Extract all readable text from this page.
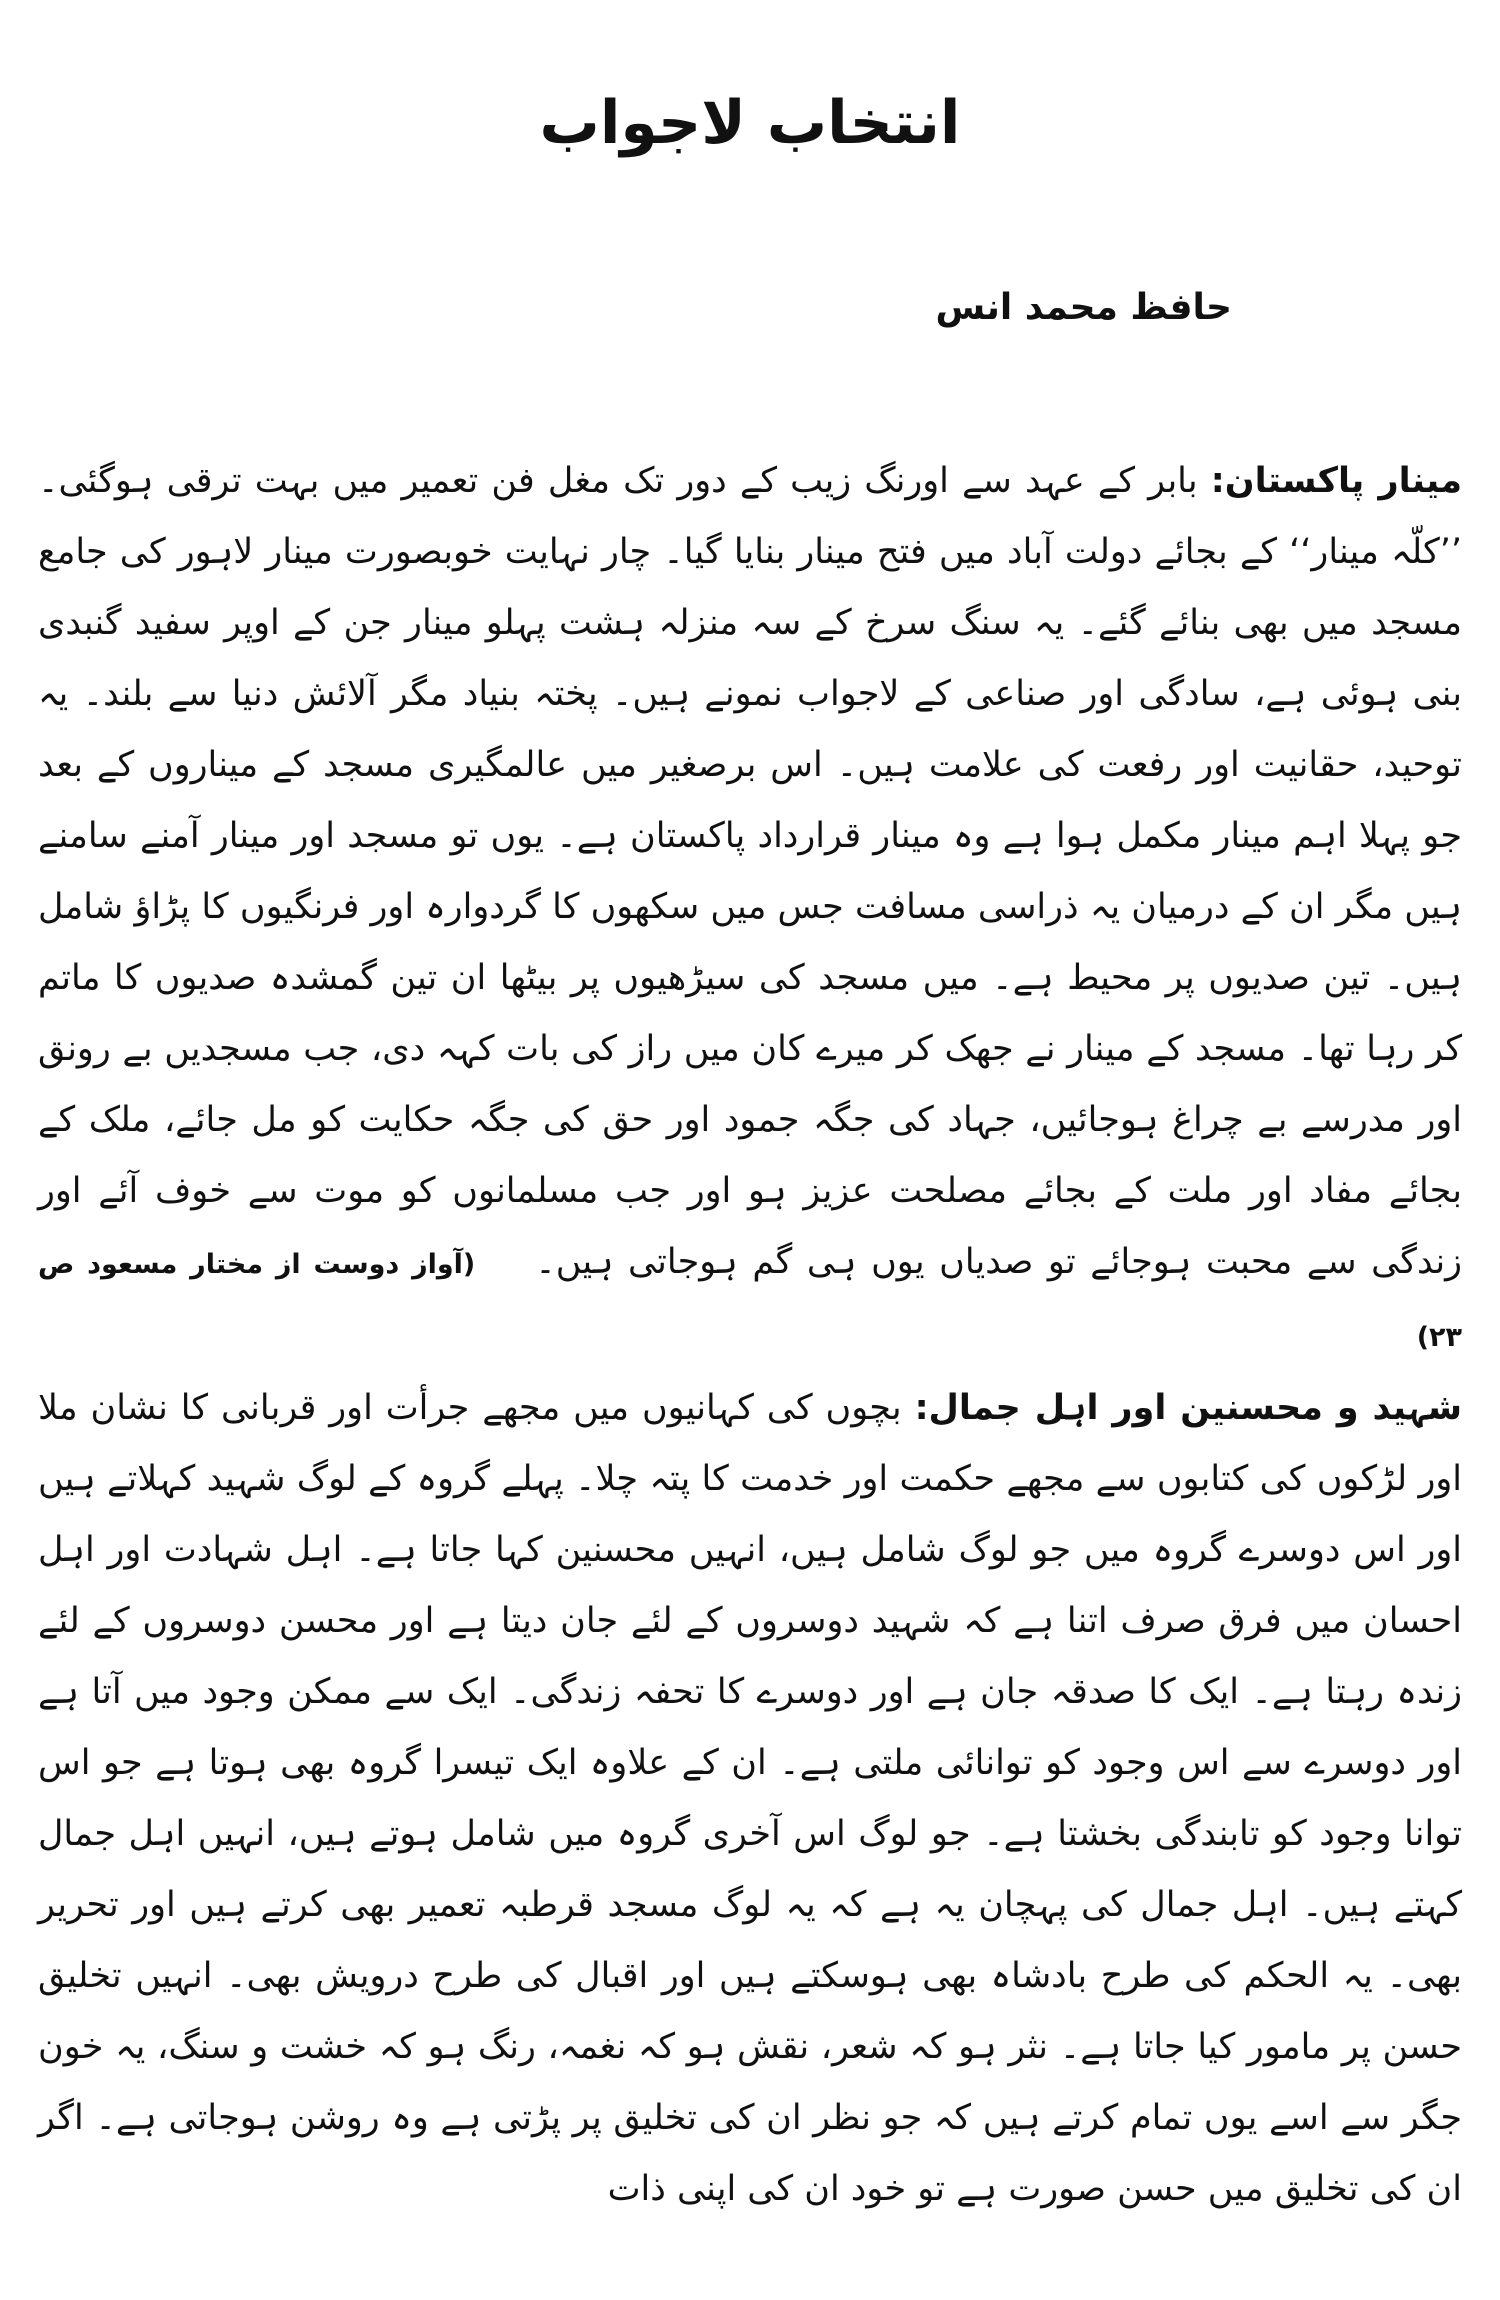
انتخاب لاجواب
حافظ محمد انس

مینار پاکستان: بابر کے عہد سے اورنگ زیب کے دور تک مغل فن تعمیر میں بہت ترقی ہوگئی۔ ’’کلّہ مینار‘‘ کے بجائے دولت آباد میں فتح مینار بنایا گیا۔ چار نہایت خوبصورت مینار لاہور کی جامع مسجد میں بھی بنائے گئے۔ یہ سنگ سرخ کے سہ منزلہ ہشت پہلو مینار جن کے اوپر سفید گنبدی بنی ہوئی ہے، سادگی اور صناعی کے لاجواب نمونے ہیں۔ پختہ بنیاد مگر آلائش دنیا سے بلند۔ یہ توحید، حقانیت اور رفعت کی علامت ہیں۔ اس برصغیر میں عالمگیری مسجد کے میناروں کے بعد جو پہلا اہم مینار مکمل ہوا ہے وہ مینار قرارداد پاکستان ہے۔ یوں تو مسجد اور مینار آمنے سامنے ہیں مگر ان کے درمیان یہ ذراسی مسافت جس میں سکھوں کا گردوارہ اور فرنگیوں کا پڑاؤ شامل ہیں۔ تین صدیوں پر محیط ہے۔ میں مسجد کی سیڑھیوں پر بیٹھا ان تین گمشدہ صدیوں کا ماتم کر رہا تھا۔ مسجد کے مینار نے جھک کر میرے کان میں راز کی بات کہہ دی، جب مسجدیں بے رونق اور مدرسے بے چراغ ہوجائیں، جہاد کی جگہ جمود اور حق کی جگہ حکایت کو مل جائے، ملک کے بجائے مفاد اور ملت کے بجائے مصلحت عزیز ہو اور جب مسلمانوں کو موت سے خوف آئے اور زندگی سے محبت ہوجائے تو صدیاں یوں ہی گم ہوجاتی ہیں۔(آواز دوست از مختار مسعود ص ۲۳)

شہید و محسنین اور اہل جمال: بچوں کی کہانیوں میں مجھے جرأت اور قربانی کا نشان ملا اور لڑکوں کی کتابوں سے مجھے حکمت اور خدمت کا پتہ چلا۔ پہلے گروہ کے لوگ شہید کہلاتے ہیں اور اس دوسرے گروہ میں جو لوگ شامل ہیں، انہیں محسنین کہا جاتا ہے۔ اہل شہادت اور اہل احسان میں فرق صرف اتنا ہے کہ شہید دوسروں کے لئے جان دیتا ہے اور محسن دوسروں کے لئے زندہ رہتا ہے۔ ایک کا صدقہ جان ہے اور دوسرے کا تحفہ زندگی۔ ایک سے ممکن وجود میں آتا ہے اور دوسرے سے اس وجود کو توانائی ملتی ہے۔ ان کے علاوہ ایک تیسرا گروہ بھی ہوتا ہے جو اس توانا وجود کو تابندگی بخشتا ہے۔ جو لوگ اس آخری گروہ میں شامل ہوتے ہیں، انہیں اہل جمال کہتے ہیں۔ اہل جمال کی پہچان یہ ہے کہ یہ لوگ مسجد قرطبہ تعمیر بھی کرتے ہیں اور تحریر بھی۔ یہ الحکم کی طرح بادشاہ بھی ہوسکتے ہیں اور اقبال کی طرح درویش بھی۔ انہیں تخلیق حسن پر مامور کیا جاتا ہے۔ نثر ہو کہ شعر، نقش ہو کہ نغمہ، رنگ ہو کہ خشت و سنگ، یہ خون جگر سے اسے یوں تمام کرتے ہیں کہ جو نظر ان کی تخلیق پر پڑتی ہے وہ روشن ہوجاتی ہے۔ اگر ان کی تخلیق میں حسن صورت ہے تو خود ان کی اپنی ذات
